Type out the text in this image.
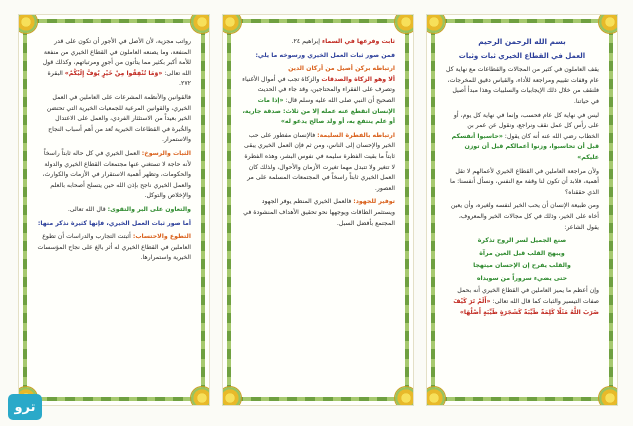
رواتب مجزية، لأن الأصل في الأجور أن تكون على قدر المنفعة، وما يصنعه العاملون في القطاع الخيري من منفعة للأمة أكبر بكثير مما يتأتون من أجورٍ ومرتباتهم، وكذلك قول الله تعالى: «وَمَا تُنْفِقُوا مِنْ خَيْرٍ يُوَفَّ إِلَيْكُمْ» البقرة ٢٧٢.

فالقوانين والأنظمة المشرعات على العاملين في العمل الخيري، والقوانين المرعية للجمعيات الخيرية التي تحتضن الخير بعيداً من الاستئثار الفردي، والعمل على الاعتدال والخُبرة في القطاعات الخيرية تُعد من أهم أسباب النجاح والاستمرار.

الثبات والرسوخ: العمل الخيري في كل حاله ثابتاً راسخاً لأنه حاجة لا تستغني عنها مجتمعات القطاع الخيري والدولة والحكومات، وتظهر أهمية الاستقرار في الأزمات والكوارث، والعمل الخيري ناجح بإذن الله حين يتسلح أصحابه بالعلم والإخلاص والتوكل.

والتعاون على البر والتقوى: قال الله تعالى.

أما صور ثبات العمل الخيري، فإنها كثيرة نذكر منها:

التطوع والاحتساب: أثبتت التجارب والدراسات أن تطوع العاملين في القطاع الخيري له أثر بالغ على نجاح المؤسسات الخيرية واستمرارها.

ثابت وفرعها في السماء إبراهيم ٢٤.

فمن صور ثبات العمل الخيري ورسوخه ما يلي:

ارتباطه بركن أصيل من أركان الدين
ألا وهو الزكاة والصدقات والزكاة تجب في أموال الأغنياء وتصرف على الفقراء والمحتاجين، وقد جاء في الحديث الصحيح أن النبي صلى الله عليه وسلم قال: «إذا مات الإنسان انقطع عنه عمله إلا من ثلاث: صدقة جارية، أو علم ينتفع به، أو ولد صالح يدعو له»

ارتباطه بالفطرة السليمة: فالإنسان مفطور على حب الخير والإحسان إلى الناس، ومن ثم فإن العمل الخيري يبقى ثابتاً ما بقيت الفطرة سليمة في نفوس البشر، وهذه الفطرة لا تتغير ولا تتبدل مهما تغيرت الأزمان والأحوال، ولذلك كان العمل الخيري ثابتاً راسخاً في المجتمعات المسلمة على مر العصور.

توفير للجهود: فالعمل الخيري المنظم يوفر الجهود ويستثمر الطاقات ويوجهها نحو تحقيق الأهداف المنشودة في المجتمع بأفضل السبل.

بسم الله الرحمن الرحيم
العمل في القطاع الخيري ثبات وثبات

يقف العاملون في كثير من المجالات والقطاعات مع نهاية كل عام وقفات تقييم ومراجعة للأداء، والقياس دقيق للمخرجات، فلنقف من خلال ذلك الإيجابيات والسلبيات وهذا مبدأ أصيل في حياتنا.

ليس في نهاية كل عام فحسب، وإنما في نهاية كل يوم، أو على رأس كل عمل نقف ونراجع، ونقول عن عمر بن الخطاب رضي الله عنه أنه كان يقول: «حاسبوا أنفسكم قبل أن تحاسبوا، وزنوا أعمالكم قبل أن توزن عليكم»

ولأن مراجعة العاملين في القطاع الخيري لأعمالهم لا تقل أهمية، فلابد أن تكون لنا وقفة مع النفس، ونسأل أنفسنا: ما الذي حققناه؟

ومن طبيعة الإنسان أن يحب الخير لنفسه ولغيره، وأن يعين أخاه على الخير، وذلك في كل مجالات الخير والمعروف، يقول الشاعر:

صنع الجميل لسر الروح تذكرة
ويبهج القلب قبل العين مرآة
والقلب يفرح إن الإحسان ميتهجا
حتى يضيء سروراً من سويداه

وإن أعظم ما يميز العاملين في القطاع الخيري أنه بحمل صفات التيسير والثبات كما قال الله تعالى: «أَلَمْ تَرَ كَيْفَ ضَرَبَ اللَّهُ مَثَلًا كَلِمَةً طَيِّبَةً كَشَجَرَةٍ طَيِّبَةٍ أَصْلُهَا»

ترو
